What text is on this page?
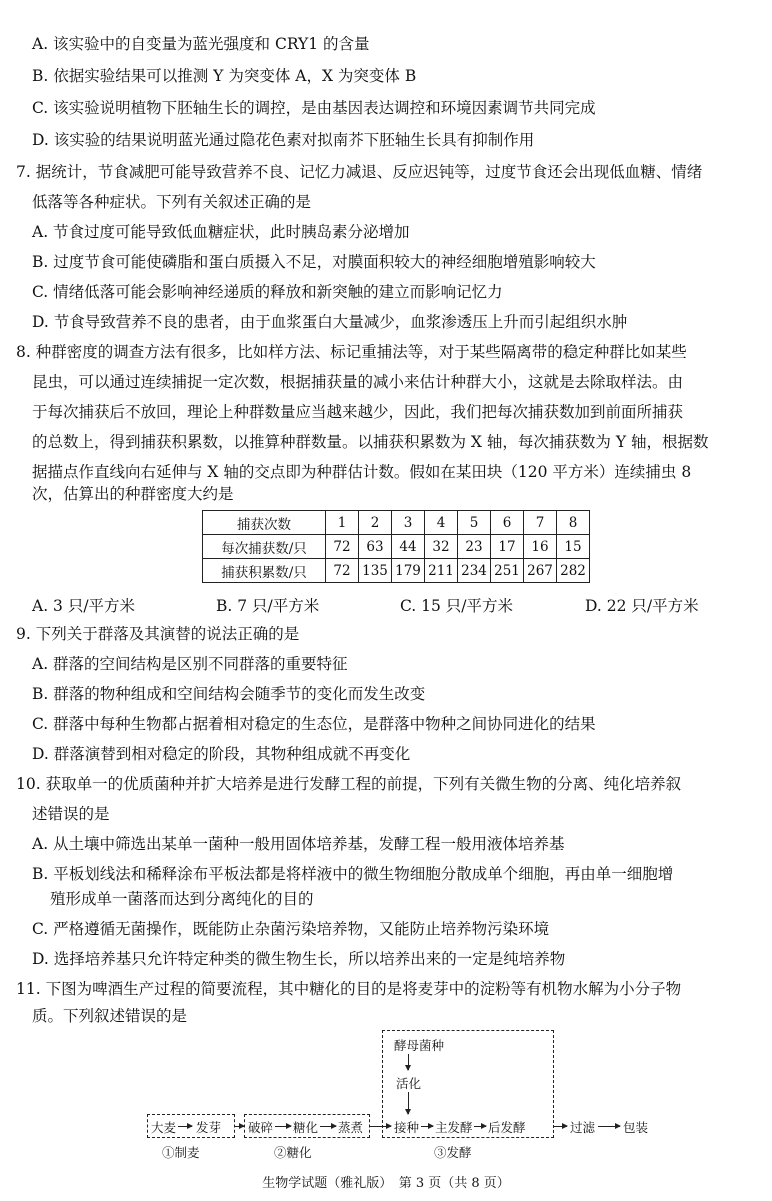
A. 该实验中的自变量为蓝光强度和 CRY1 的含量
B. 依据实验结果可以推测 Y 为突变体 A，X 为突变体 B
C. 该实验说明植物下胚轴生长的调控，是由基因表达调控和环境因素调节共同完成
D. 该实验的结果说明蓝光通过隐花色素对拟南芥下胚轴生长具有抑制作用
7. 据统计，节食减肥可能导致营养不良、记忆力减退、反应迟钝等，过度节食还会出现低血糖、情绪
低落等各种症状。下列有关叙述正确的是
A. 节食过度可能导致低血糖症状，此时胰岛素分泌增加
B. 过度节食可能使磷脂和蛋白质摄入不足，对膜面积较大的神经细胞增殖影响较大
C. 情绪低落可能会影响神经递质的释放和新突触的建立而影响记忆力
D. 节食导致营养不良的患者，由于血浆蛋白大量减少，血浆渗透压上升而引起组织水肿
8. 种群密度的调查方法有很多，比如样方法、标记重捕法等，对于某些隔离带的稳定种群比如某些
昆虫，可以通过连续捕捉一定次数，根据捕获量的减小来估计种群大小，这就是去除取样法。由
于每次捕获后不放回，理论上种群数量应当越来越少，因此，我们把每次捕获数加到前面所捕获
的总数上，得到捕获积累数，以推算种群数量。以捕获积累数为 X 轴，每次捕获数为 Y 轴，根据数
据描点作直线向右延伸与 X 轴的交点即为种群估计数。假如在某田块（120 平方米）连续捕虫 8
次，估算出的种群密度大约是
捕获次数	1	2	3	4	5	6	7	8
每次捕获数/只	72	63	44	32	23	17	16	15
捕获积累数/只	72	135	179	211	234	251	267	282
A. 3 只/平方米	B. 7 只/平方米	C. 15 只/平方米	D. 22 只/平方米
9. 下列关于群落及其演替的说法正确的是
A. 群落的空间结构是区别不同群落的重要特征
B. 群落的物种组成和空间结构会随季节的变化而发生改变
C. 群落中每种生物都占据着相对稳定的生态位，是群落中物种之间协同进化的结果
D. 群落演替到相对稳定的阶段，其物种组成就不再变化
10. 获取单一的优质菌种并扩大培养是进行发酵工程的前提，下列有关微生物的分离、纯化培养叙
述错误的是
A. 从土壤中筛选出某单一菌种一般用固体培养基，发酵工程一般用液体培养基
B. 平板划线法和稀释涂布平板法都是将样液中的微生物细胞分散成单个细胞，再由单一细胞增
殖形成单一菌落而达到分离纯化的目的
C. 严格遵循无菌操作，既能防止杂菌污染培养物，又能防止培养物污染环境
D. 选择培养基只允许特定种类的微生物生长，所以培养出来的一定是纯培养物
11. 下图为啤酒生产过程的简要流程，其中糖化的目的是将麦芽中的淀粉等有机物水解为小分子物
质。下列叙述错误的是
大麦 发芽 破碎 糖化 蒸煮
酵母菌种
活化
接种 主发酵 后发酵	过滤 包装
①制麦	②糖化	③发酵
生物学试题（雅礼版）　第 3 页（共 8 页）
